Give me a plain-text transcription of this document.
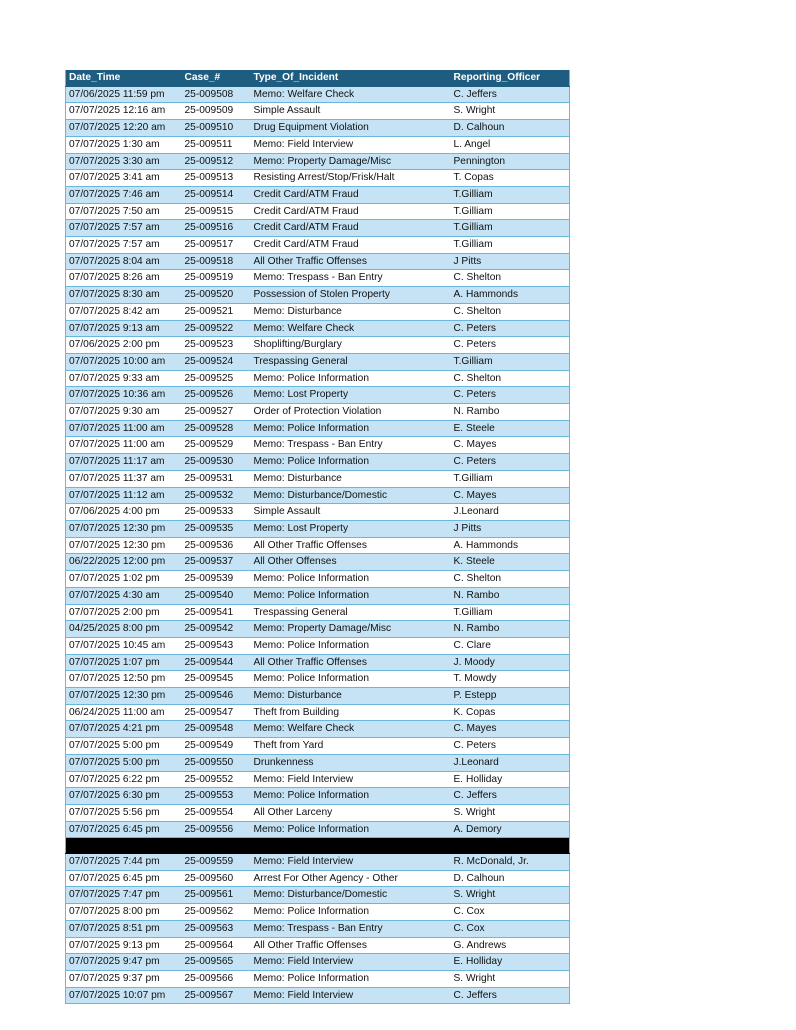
Date_Time	Case_#	Type_Of_Incident	Reporting_Officer
07/06/2025 11:59 pm	25-009508	Memo: Welfare Check	C. Jeffers
07/07/2025 12:16 am	25-009509	Simple Assault	S. Wright
07/07/2025 12:20 am	25-009510	Drug Equipment Violation	D. Calhoun
07/07/2025 1:30 am	25-009511	Memo: Field Interview	L. Angel
07/07/2025 3:30 am	25-009512	Memo: Property Damage/Misc	Pennington
07/07/2025 3:41 am	25-009513	Resisting Arrest/Stop/Frisk/Halt	T. Copas
07/07/2025 7:46 am	25-009514	Credit Card/ATM Fraud	T.Gilliam
07/07/2025 7:50 am	25-009515	Credit Card/ATM Fraud	T.Gilliam
07/07/2025 7:57 am	25-009516	Credit Card/ATM Fraud	T.Gilliam
07/07/2025 7:57 am	25-009517	Credit Card/ATM Fraud	T.Gilliam
07/07/2025 8:04 am	25-009518	All Other Traffic Offenses	J Pitts
07/07/2025 8:26 am	25-009519	Memo: Trespass - Ban Entry	C. Shelton
07/07/2025 8:30 am	25-009520	Possession of Stolen Property	A. Hammonds
07/07/2025 8:42 am	25-009521	Memo: Disturbance	C. Shelton
07/07/2025 9:13 am	25-009522	Memo: Welfare Check	C. Peters
07/06/2025 2:00 pm	25-009523	Shoplifting/Burglary	C. Peters
07/07/2025 10:00 am	25-009524	Trespassing General	T.Gilliam
07/07/2025 9:33 am	25-009525	Memo: Police Information	C. Shelton
07/07/2025 10:36 am	25-009526	Memo: Lost Property	C. Peters
07/07/2025 9:30 am	25-009527	Order of Protection Violation	N. Rambo
07/07/2025 11:00 am	25-009528	Memo: Police Information	E. Steele
07/07/2025 11:00 am	25-009529	Memo: Trespass - Ban Entry	C. Mayes
07/07/2025 11:17 am	25-009530	Memo: Police Information	C. Peters
07/07/2025 11:37 am	25-009531	Memo: Disturbance	T.Gilliam
07/07/2025 11:12 am	25-009532	Memo: Disturbance/Domestic	C. Mayes
07/06/2025 4:00 pm	25-009533	Simple Assault	J.Leonard
07/07/2025 12:30 pm	25-009535	Memo: Lost Property	J Pitts
07/07/2025 12:30 pm	25-009536	All Other Traffic Offenses	A. Hammonds
06/22/2025 12:00 pm	25-009537	All Other Offenses	K. Steele
07/07/2025 1:02 pm	25-009539	Memo: Police Information	C. Shelton
07/07/2025 4:30 am	25-009540	Memo: Police Information	N. Rambo
07/07/2025 2:00 pm	25-009541	Trespassing General	T.Gilliam
04/25/2025 8:00 pm	25-009542	Memo: Property Damage/Misc	N. Rambo
07/07/2025 10:45 am	25-009543	Memo: Police Information	C. Clare
07/07/2025 1:07 pm	25-009544	All Other Traffic Offenses	J. Moody
07/07/2025 12:50 pm	25-009545	Memo: Police Information	T. Mowdy
07/07/2025 12:30 pm	25-009546	Memo: Disturbance	P. Estepp
06/24/2025 11:00 am	25-009547	Theft from Building	K. Copas
07/07/2025 4:21 pm	25-009548	Memo: Welfare Check	C. Mayes
07/07/2025 5:00 pm	25-009549	Theft from Yard	C. Peters
07/07/2025 5:00 pm	25-009550	Drunkenness	J.Leonard
07/07/2025 6:22 pm	25-009552	Memo: Field Interview	E. Holliday
07/07/2025 6:30 pm	25-009553	Memo: Police Information	C. Jeffers
07/07/2025 5:56 pm	25-009554	All Other Larceny	S. Wright
07/07/2025 6:45 pm	25-009556	Memo: Police Information	A. Demory

07/07/2025 7:44 pm	25-009559	Memo: Field Interview	R. McDonald, Jr.
07/07/2025 6:45 pm	25-009560	Arrest For Other Agency - Other	D. Calhoun
07/07/2025 7:47 pm	25-009561	Memo: Disturbance/Domestic	S. Wright
07/07/2025 8:00 pm	25-009562	Memo: Police Information	C. Cox
07/07/2025 8:51 pm	25-009563	Memo: Trespass - Ban Entry	C. Cox
07/07/2025 9:13 pm	25-009564	All Other Traffic Offenses	G. Andrews
07/07/2025 9:47 pm	25-009565	Memo: Field Interview	E. Holliday
07/07/2025 9:37 pm	25-009566	Memo: Police Information	S. Wright
07/07/2025 10:07 pm	25-009567	Memo: Field Interview	C. Jeffers
